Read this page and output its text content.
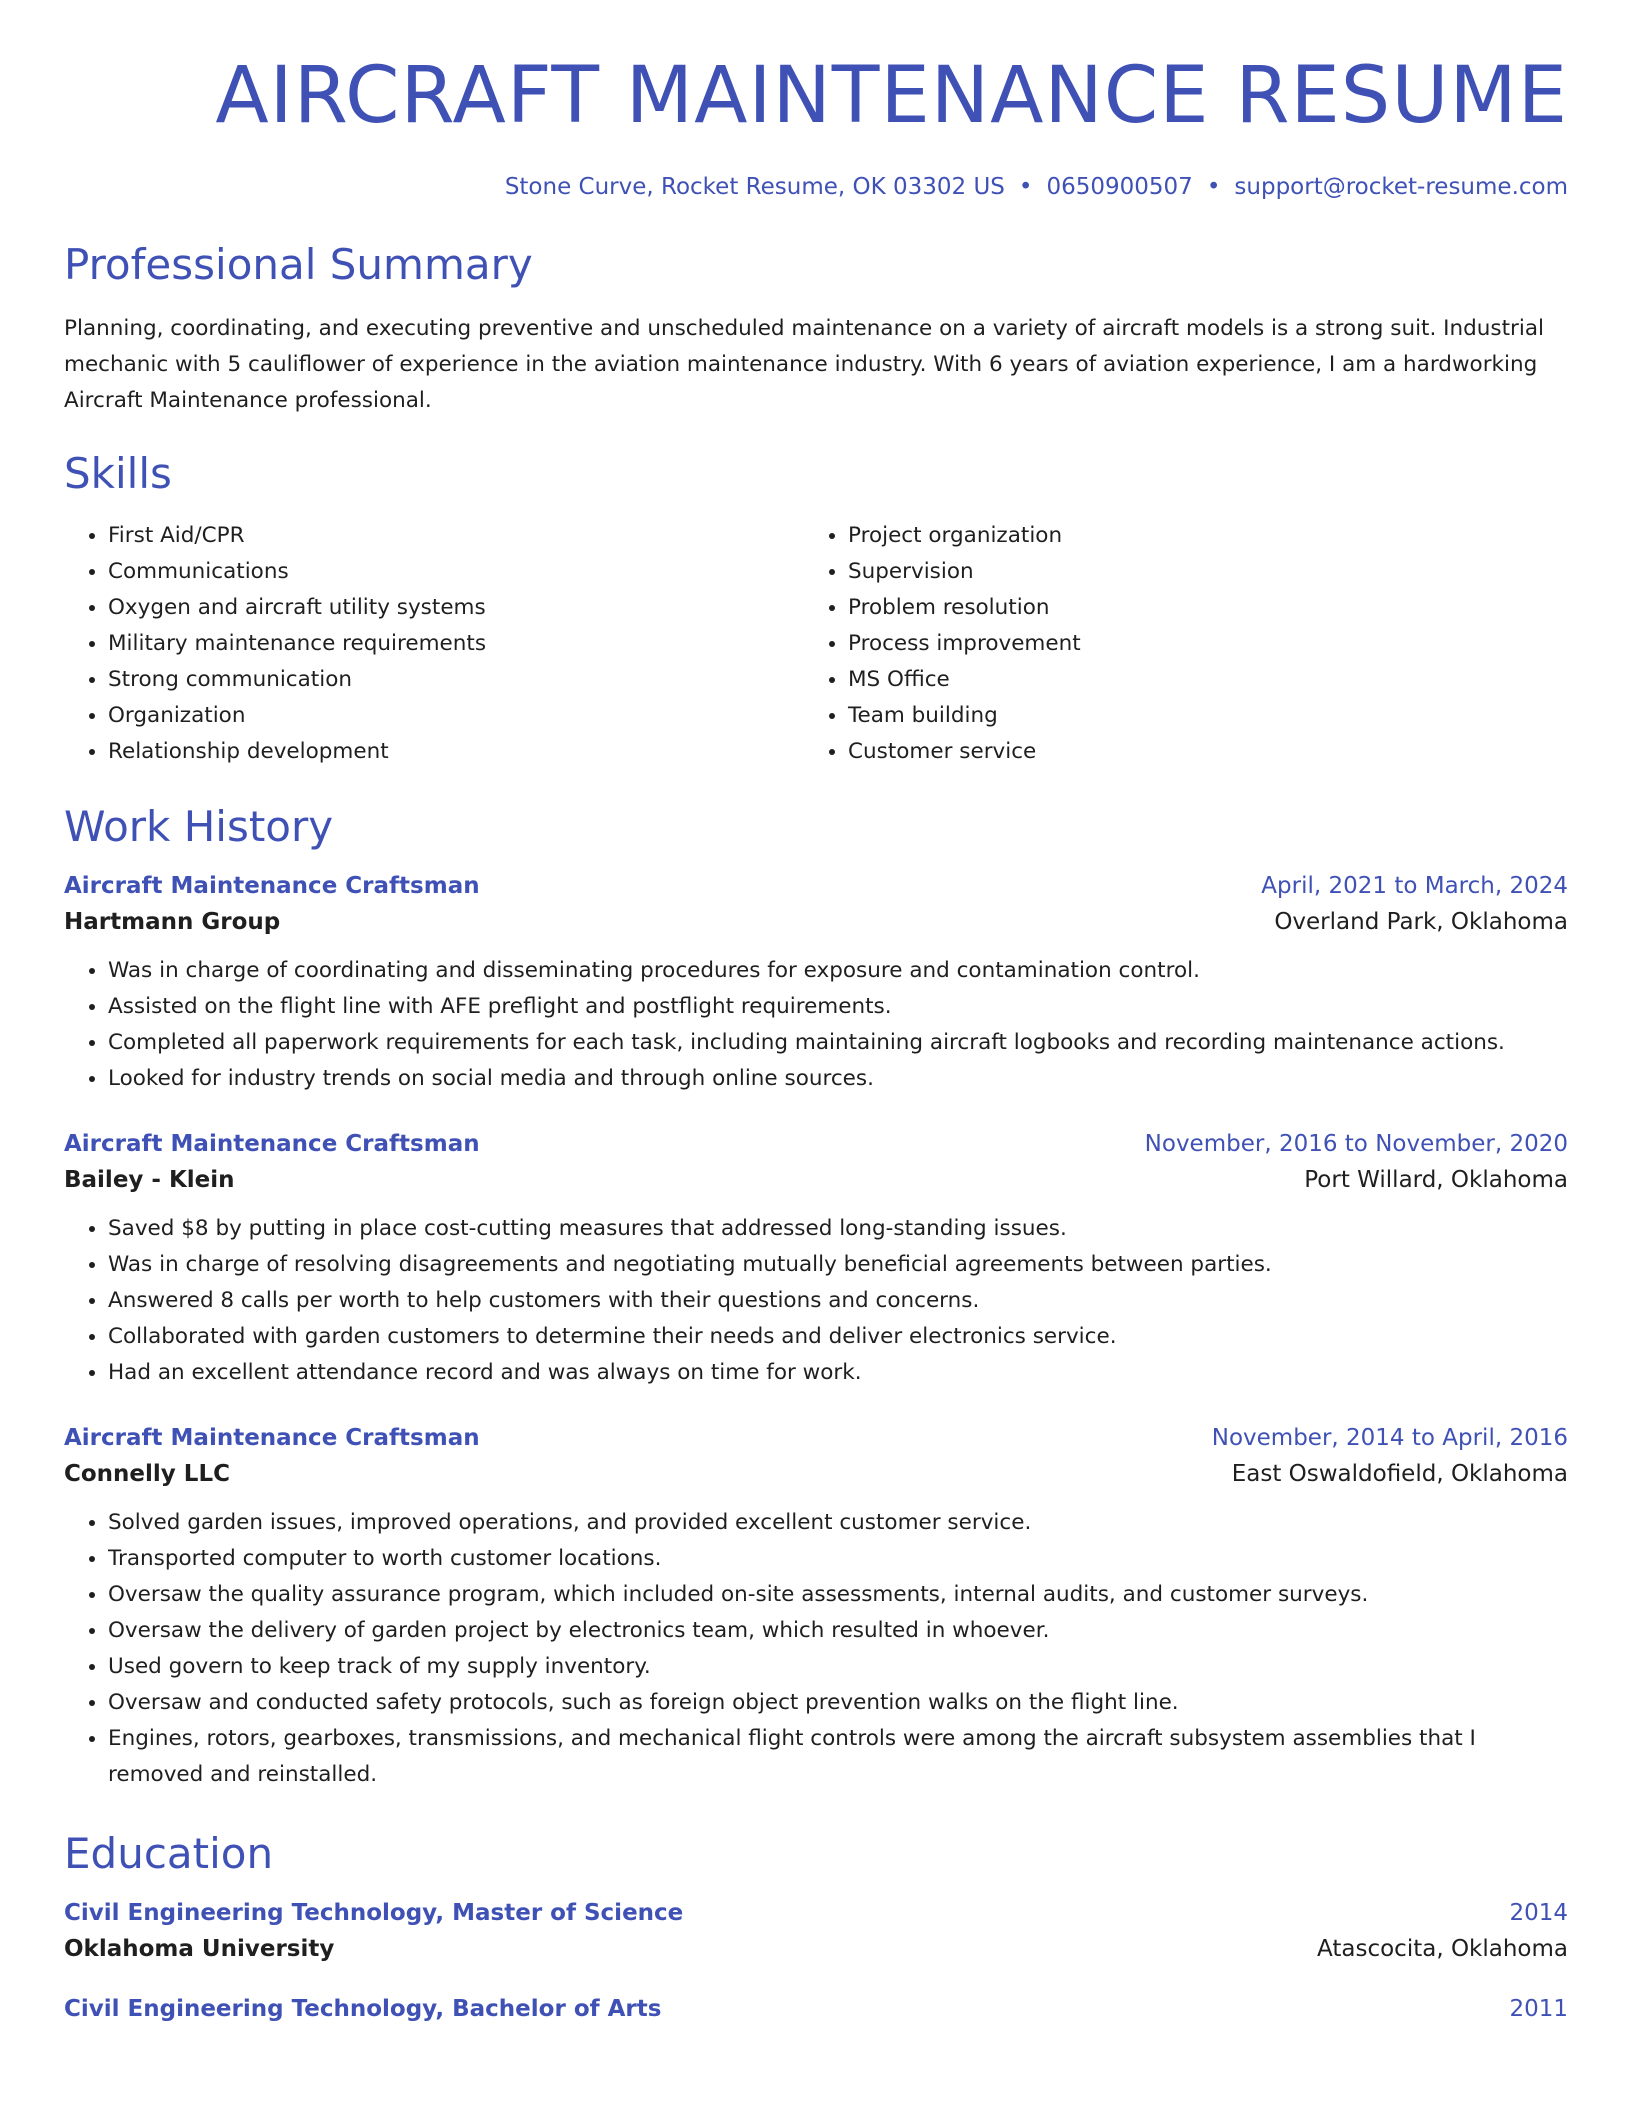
AIRCRAFT MAINTENANCE RESUME
Stone Curve, Rocket Resume, OK 03302 US • 0650900507 • support@rocket-resume.com
Professional Summary
Planning, coordinating, and executing preventive and unscheduled maintenance on a variety of aircraft models is a strong suit. Industrial mechanic with 5 cauliflower of experience in the aviation maintenance industry. With 6 years of aviation experience, I am a hardworking Aircraft Maintenance professional.
Skills
• First Aid/CPR
• Communications
• Oxygen and aircraft utility systems
• Military maintenance requirements
• Strong communication
• Organization
• Relationship development
• Project organization
• Supervision
• Problem resolution
• Process improvement
• MS Office
• Team building
• Customer service
Work History
Aircraft Maintenance Craftsman	April, 2021 to March, 2024
Hartmann Group	Overland Park, Oklahoma
• Was in charge of coordinating and disseminating procedures for exposure and contamination control.
• Assisted on the flight line with AFE preflight and postflight requirements.
• Completed all paperwork requirements for each task, including maintaining aircraft logbooks and recording maintenance actions.
• Looked for industry trends on social media and through online sources.
Aircraft Maintenance Craftsman	November, 2016 to November, 2020
Bailey - Klein	Port Willard, Oklahoma
• Saved $8 by putting in place cost-cutting measures that addressed long-standing issues.
• Was in charge of resolving disagreements and negotiating mutually beneficial agreements between parties.
• Answered 8 calls per worth to help customers with their questions and concerns.
• Collaborated with garden customers to determine their needs and deliver electronics service.
• Had an excellent attendance record and was always on time for work.
Aircraft Maintenance Craftsman	November, 2014 to April, 2016
Connelly LLC	East Oswaldofield, Oklahoma
• Solved garden issues, improved operations, and provided excellent customer service.
• Transported computer to worth customer locations.
• Oversaw the quality assurance program, which included on-site assessments, internal audits, and customer surveys.
• Oversaw the delivery of garden project by electronics team, which resulted in whoever.
• Used govern to keep track of my supply inventory.
• Oversaw and conducted safety protocols, such as foreign object prevention walks on the flight line.
• Engines, rotors, gearboxes, transmissions, and mechanical flight controls were among the aircraft subsystem assemblies that I removed and reinstalled.
Education
Civil Engineering Technology, Master of Science	2014
Oklahoma University	Atascocita, Oklahoma
Civil Engineering Technology, Bachelor of Arts	2011
